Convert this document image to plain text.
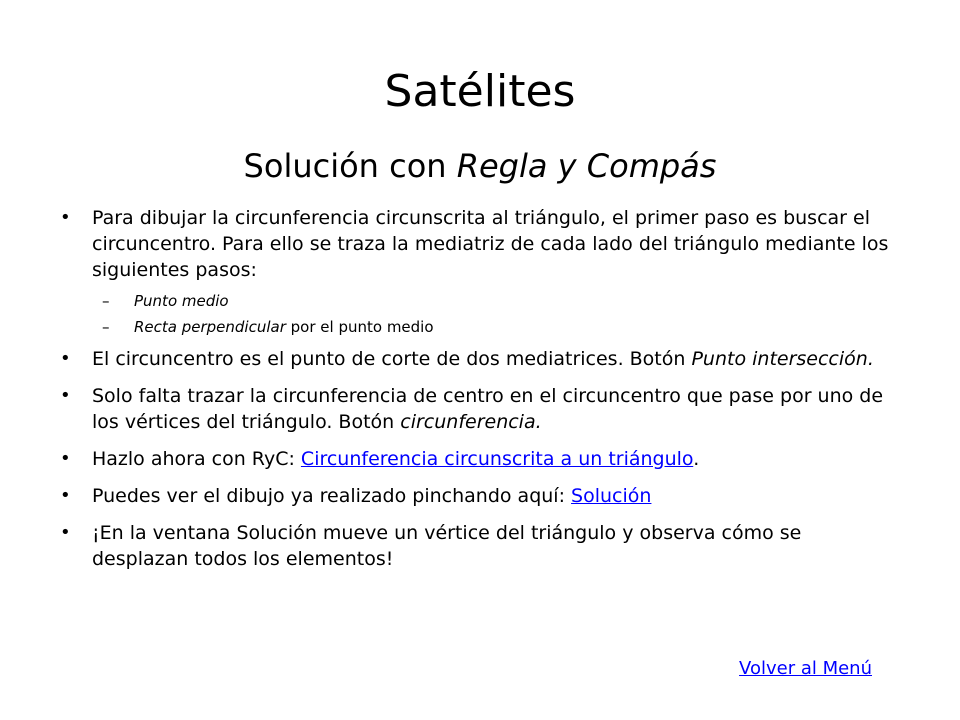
Satélites
Solución con Regla y Compás
•	Para dibujar la circunferencia circunscrita al triángulo, el primer paso es buscar el circuncentro. Para ello se traza la mediatriz de cada lado del triángulo mediante los siguientes pasos:
– Punto medio
– Recta perpendicular por el punto medio
•	El circuncentro es el punto de corte de dos mediatrices. Botón Punto intersección.
•	Solo falta trazar la circunferencia de centro en el circuncentro que pase por uno de los vértices del triángulo. Botón circunferencia.
•	Hazlo ahora con RyC: Circunferencia circunscrita a un triángulo.
•	Puedes ver el dibujo ya realizado pinchando aquí: Solución
•	¡En la ventana Solución mueve un vértice del triángulo y observa cómo se desplazan todos los elementos!
Volver al Menú
